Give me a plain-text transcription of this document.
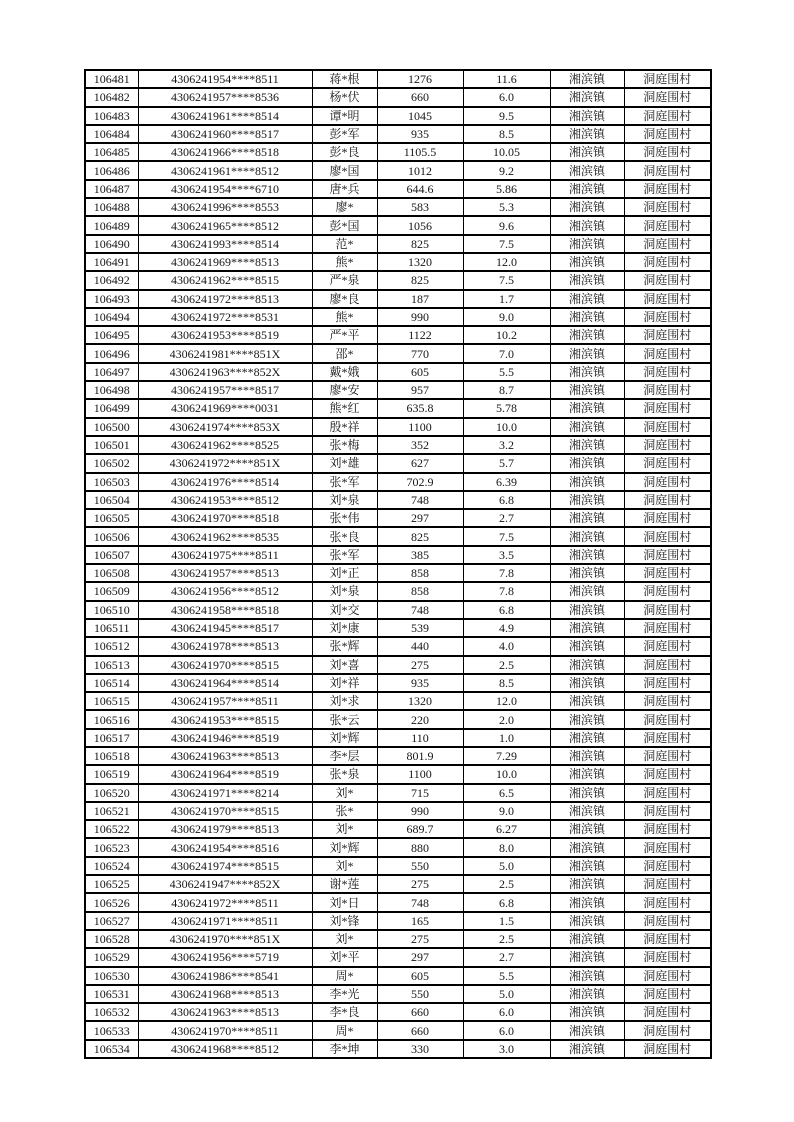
106481	4306241954****8511	蒋*根	1276	11.6	湘滨镇	洞庭围村
106482	4306241957****8536	杨*伏	660	6.0	湘滨镇	洞庭围村
106483	4306241961****8514	谭*明	1045	9.5	湘滨镇	洞庭围村
106484	4306241960****8517	彭*军	935	8.5	湘滨镇	洞庭围村
106485	4306241966****8518	彭*良	1105.5	10.05	湘滨镇	洞庭围村
106486	4306241961****8512	廖*国	1012	9.2	湘滨镇	洞庭围村
106487	4306241954****6710	唐*兵	644.6	5.86	湘滨镇	洞庭围村
106488	4306241996****8553	廖*	583	5.3	湘滨镇	洞庭围村
106489	4306241965****8512	彭*国	1056	9.6	湘滨镇	洞庭围村
106490	4306241993****8514	范*	825	7.5	湘滨镇	洞庭围村
106491	4306241969****8513	熊*	1320	12.0	湘滨镇	洞庭围村
106492	4306241962****8515	严*泉	825	7.5	湘滨镇	洞庭围村
106493	4306241972****8513	廖*良	187	1.7	湘滨镇	洞庭围村
106494	4306241972****8531	熊*	990	9.0	湘滨镇	洞庭围村
106495	4306241953****8519	严*平	1122	10.2	湘滨镇	洞庭围村
106496	4306241981****851X	邵*	770	7.0	湘滨镇	洞庭围村
106497	4306241963****852X	戴*娥	605	5.5	湘滨镇	洞庭围村
106498	4306241957****8517	廖*安	957	8.7	湘滨镇	洞庭围村
106499	4306241969****0031	熊*红	635.8	5.78	湘滨镇	洞庭围村
106500	4306241974****853X	殷*祥	1100	10.0	湘滨镇	洞庭围村
106501	4306241962****8525	张*梅	352	3.2	湘滨镇	洞庭围村
106502	4306241972****851X	刘*雄	627	5.7	湘滨镇	洞庭围村
106503	4306241976****8514	张*军	702.9	6.39	湘滨镇	洞庭围村
106504	4306241953****8512	刘*泉	748	6.8	湘滨镇	洞庭围村
106505	4306241970****8518	张*伟	297	2.7	湘滨镇	洞庭围村
106506	4306241962****8535	张*良	825	7.5	湘滨镇	洞庭围村
106507	4306241975****8511	张*军	385	3.5	湘滨镇	洞庭围村
106508	4306241957****8513	刘*正	858	7.8	湘滨镇	洞庭围村
106509	4306241956****8512	刘*泉	858	7.8	湘滨镇	洞庭围村
106510	4306241958****8518	刘*交	748	6.8	湘滨镇	洞庭围村
106511	4306241945****8517	刘*康	539	4.9	湘滨镇	洞庭围村
106512	4306241978****8513	张*辉	440	4.0	湘滨镇	洞庭围村
106513	4306241970****8515	刘*喜	275	2.5	湘滨镇	洞庭围村
106514	4306241964****8514	刘*祥	935	8.5	湘滨镇	洞庭围村
106515	4306241957****8511	刘*求	1320	12.0	湘滨镇	洞庭围村
106516	4306241953****8515	张*云	220	2.0	湘滨镇	洞庭围村
106517	4306241946****8519	刘*辉	110	1.0	湘滨镇	洞庭围村
106518	4306241963****8513	李*层	801.9	7.29	湘滨镇	洞庭围村
106519	4306241964****8519	张*泉	1100	10.0	湘滨镇	洞庭围村
106520	4306241971****8214	刘*	715	6.5	湘滨镇	洞庭围村
106521	4306241970****8515	张*	990	9.0	湘滨镇	洞庭围村
106522	4306241979****8513	刘*	689.7	6.27	湘滨镇	洞庭围村
106523	4306241954****8516	刘*辉	880	8.0	湘滨镇	洞庭围村
106524	4306241974****8515	刘*	550	5.0	湘滨镇	洞庭围村
106525	4306241947****852X	谢*莲	275	2.5	湘滨镇	洞庭围村
106526	4306241972****8511	刘*日	748	6.8	湘滨镇	洞庭围村
106527	4306241971****8511	刘*锋	165	1.5	湘滨镇	洞庭围村
106528	4306241970****851X	刘*	275	2.5	湘滨镇	洞庭围村
106529	4306241956****5719	刘*平	297	2.7	湘滨镇	洞庭围村
106530	4306241986****8541	周*	605	5.5	湘滨镇	洞庭围村
106531	4306241968****8513	李*光	550	5.0	湘滨镇	洞庭围村
106532	4306241963****8513	李*良	660	6.0	湘滨镇	洞庭围村
106533	4306241970****8511	周*	660	6.0	湘滨镇	洞庭围村
106534	4306241968****8512	李*坤	330	3.0	湘滨镇	洞庭围村
